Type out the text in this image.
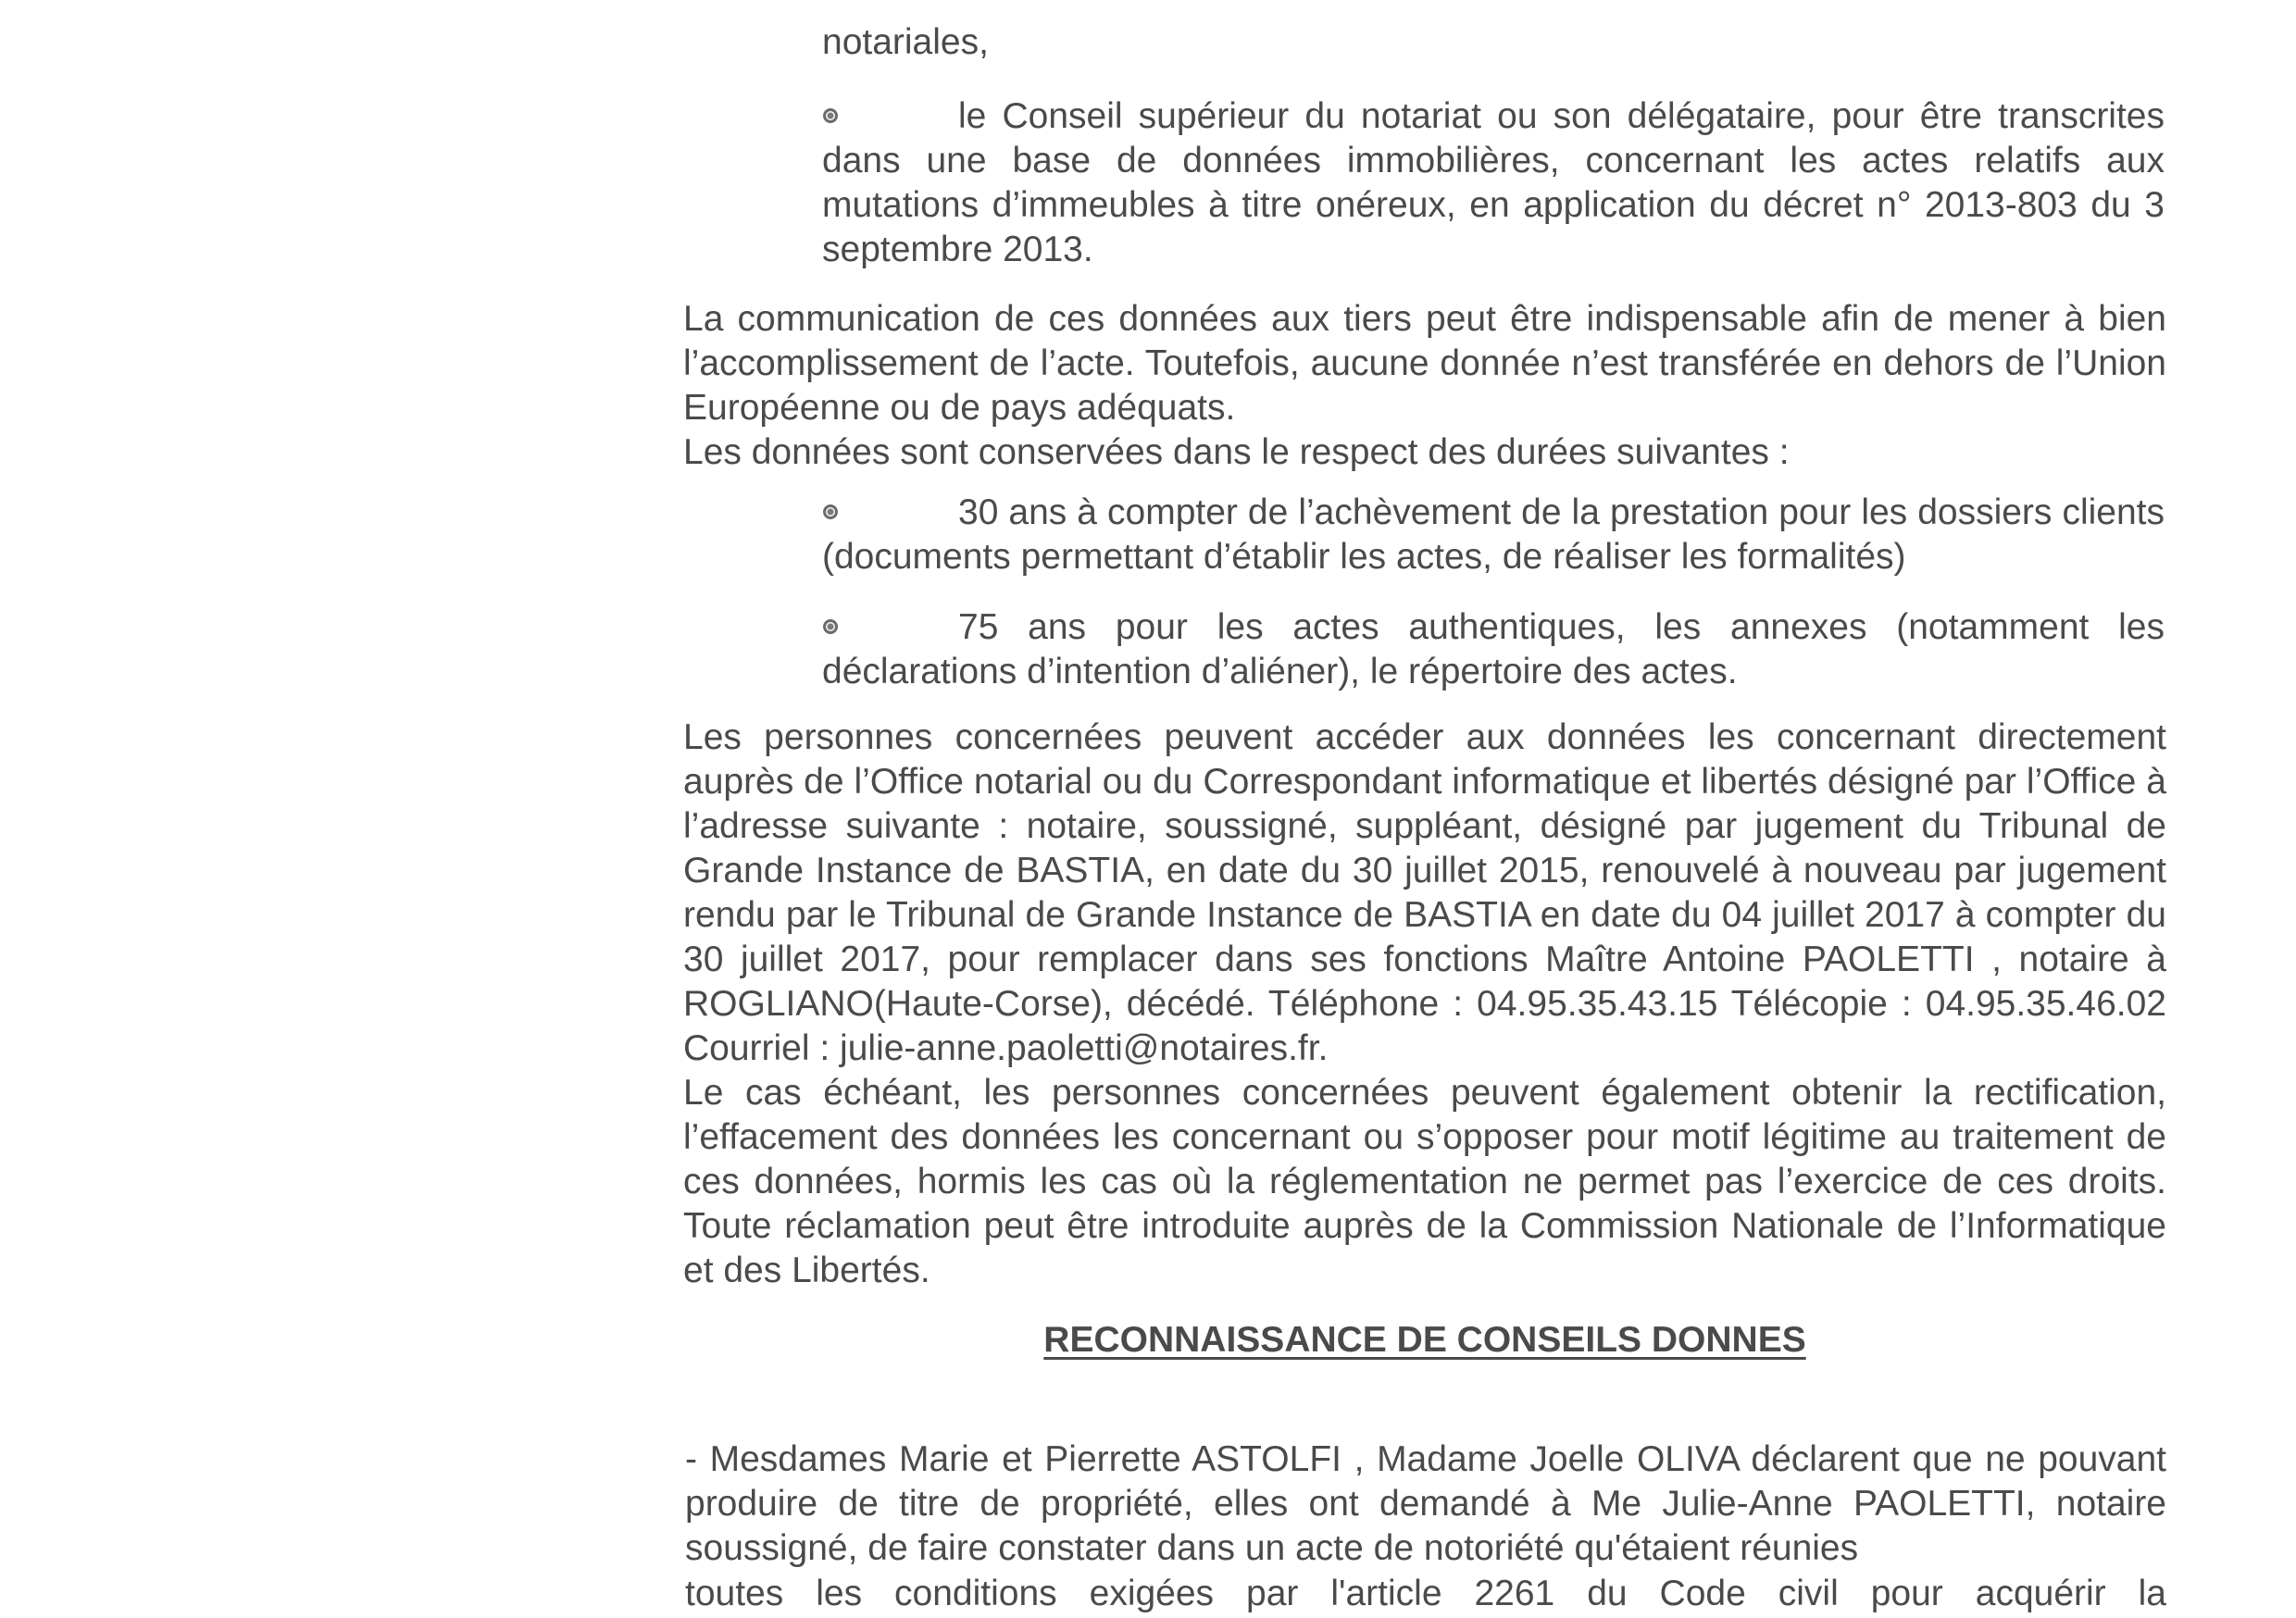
notariales,

le Conseil supérieur du notariat ou son délégataire, pour être transcrites dans une base de données immobilières, concernant les actes relatifs aux mutations d’immeubles à titre onéreux, en application du décret n° 2013-803 du 3 septembre 2013.

La communication de ces données aux tiers peut être indispensable afin de mener à bien l’accomplissement de l’acte. Toutefois, aucune donnée n’est transférée en dehors de l’Union Européenne ou de pays adéquats.

Les données sont conservées dans le respect des durées suivantes :

30 ans à compter de l’achèvement de la prestation pour les dossiers clients (documents permettant d’établir les actes, de réaliser les formalités)

75 ans pour les actes authentiques, les annexes (notamment les déclarations d’intention d’aliéner), le répertoire des actes.

Les personnes concernées peuvent accéder aux données les concernant directement auprès de l’Office notarial ou du Correspondant informatique et libertés désigné par l’Office à l’adresse suivante : notaire, soussigné, suppléant, désigné par jugement du Tribunal de Grande Instance de BASTIA, en date du 30 juillet 2015, renouvelé à nouveau par jugement rendu par le Tribunal de Grande Instance de BASTIA en date du 04 juillet 2017 à compter du 30 juillet 2017, pour remplacer dans ses fonctions Maître Antoine PAOLETTI , notaire à ROGLIANO(Haute-Corse), décédé. Téléphone : 04.95.35.43.15 Télécopie : 04.95.35.46.02 Courriel : julie-anne.paoletti@notaires.fr.

Le cas échéant, les personnes concernées peuvent également obtenir la rectification, l’effacement des données les concernant ou s’opposer pour motif légitime au traitement de ces données, hormis les cas où la réglementation ne permet pas l’exercice de ces droits. Toute réclamation peut être introduite auprès de la Commission Nationale de l’Informatique et des Libertés.

RECONNAISSANCE DE CONSEILS DONNES

- Mesdames Marie et Pierrette ASTOLFI , Madame Joelle OLIVA déclarent que ne pouvant produire de titre de propriété, elles ont demandé à Me Julie-Anne PAOLETTI, notaire soussigné, de faire constater dans un acte de notoriété qu'étaient réunies

toutes les conditions exigées par l'article 2261 du Code civil pour acquérir la
